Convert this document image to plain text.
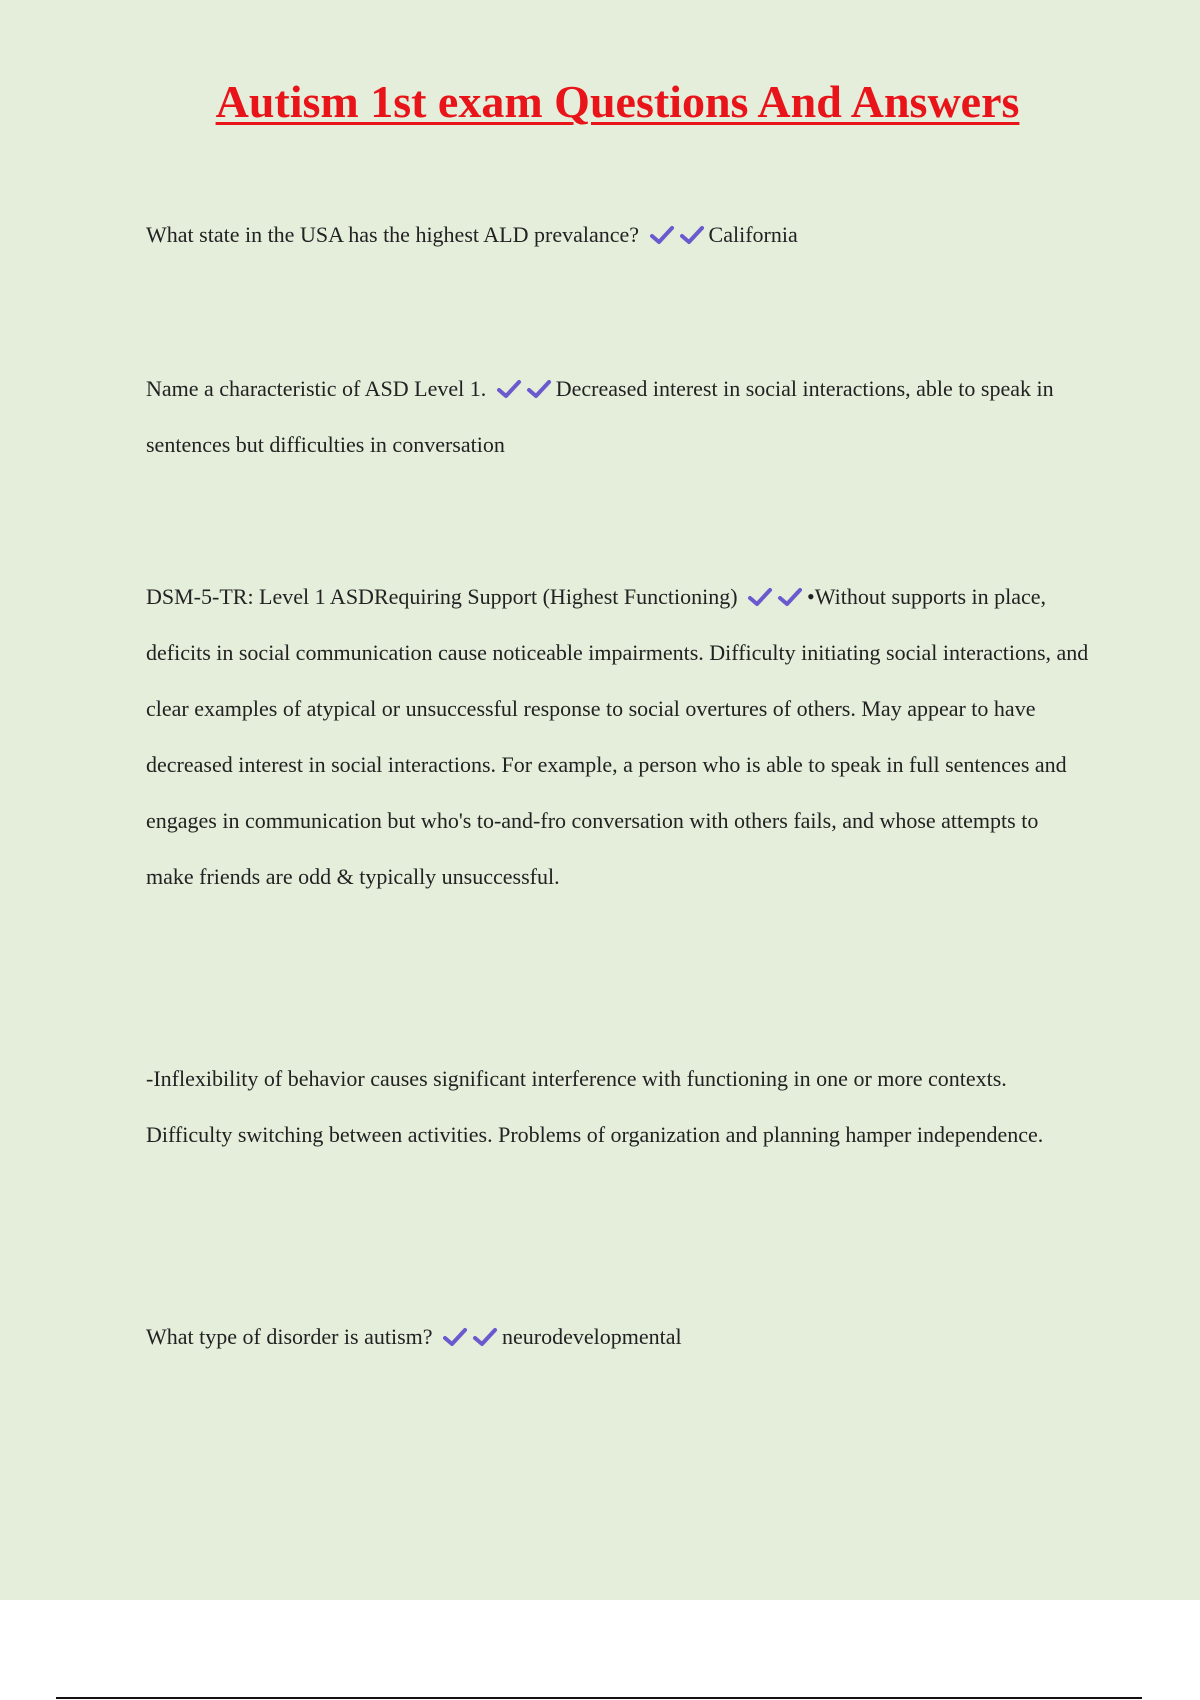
Autism 1st exam Questions And Answers

What state in the USA has the highest ALD prevalance?	California

Name a characteristic of ASD Level 1.	Decreased interest in social interactions, able to speak in sentences but difficulties in conversation

DSM-5-TR: Level 1 ASDRequiring Support (Highest Functioning)	•Without supports in place, deficits in social communication cause noticeable impairments. Difficulty initiating social interactions, and clear examples of atypical or unsuccessful response to social overtures of others. May appear to have decreased interest in social interactions. For example, a person who is able to speak in full sentences and engages in communication but who's to-and-fro conversation with others fails, and whose attempts to make friends are odd & typically unsuccessful.

-Inflexibility of behavior causes significant interference with functioning in one or more contexts. Difficulty switching between activities. Problems of organization and planning hamper independence.

What type of disorder is autism?	neurodevelopmental
